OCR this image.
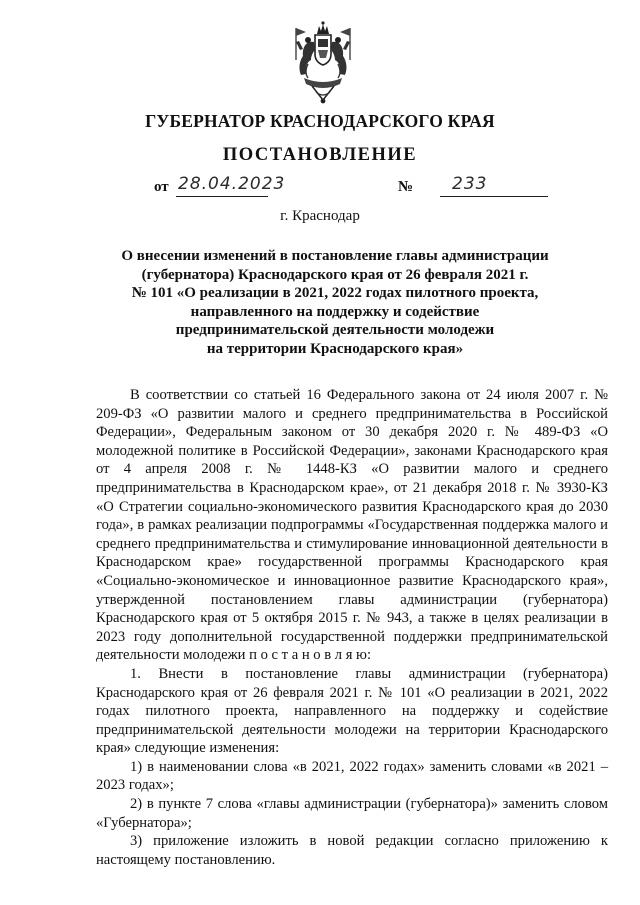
ГУБЕРНАТОР КРАСНОДАРСКОГО КРАЯ
ПОСТАНОВЛЕНИЕ
от 28.04.2023	№ 233
г. Краснодар
О внесении изменений в постановление главы администрации
(губернатора) Краснодарского края от 26 февраля 2021 г.
№ 101 «О реализации в 2021, 2022 годах пилотного проекта,
направленного на поддержку и содействие
предпринимательской деятельности молодежи
на территории Краснодарского края»

В соответствии со статьей 16 Федерального закона от 24 июля 2007 г. № 209-ФЗ «О развитии малого и среднего предпринимательства в Российской Федерации», Федеральным законом от 30 декабря 2020 г. № 489-ФЗ «О молодежной политике в Российской Федерации», законами Краснодарского края от 4 апреля 2008 г. № 1448-КЗ «О развитии малого и среднего предпринимательства в Краснодарском крае», от 21 декабря 2018 г. № 3930-КЗ «О Стратегии социально-экономического развития Краснодарского края до 2030 года», в рамках реализации подпрограммы «Государственная поддержка малого и среднего предпринимательства и стимулирование инновационной деятельности в Краснодарском крае» государственной программы Краснодарского края «Социально-экономическое и инновационное развитие Краснодарского края», утвержденной постановлением главы администрации (губернатора) Краснодарского края от 5 октября 2015 г. № 943, а также в целях реализации в 2023 году дополнительной государственной поддержки предпринимательской деятельности молодежи п о с т а н о в л я ю:

1. Внести в постановление главы администрации (губернатора) Краснодарского края от 26 февраля 2021 г. № 101 «О реализации в 2021, 2022 годах пилотного проекта, направленного на поддержку и содействие предпринимательской деятельности молодежи на территории Краснодарского края» следующие изменения:

1) в наименовании слова «в 2021, 2022 годах» заменить словами «в 2021 – 2023 годах»;

2) в пункте 7 слова «главы администрации (губернатора)» заменить словом «Губернатора»;

3) приложение изложить в новой редакции согласно приложению к настоящему постановлению.
